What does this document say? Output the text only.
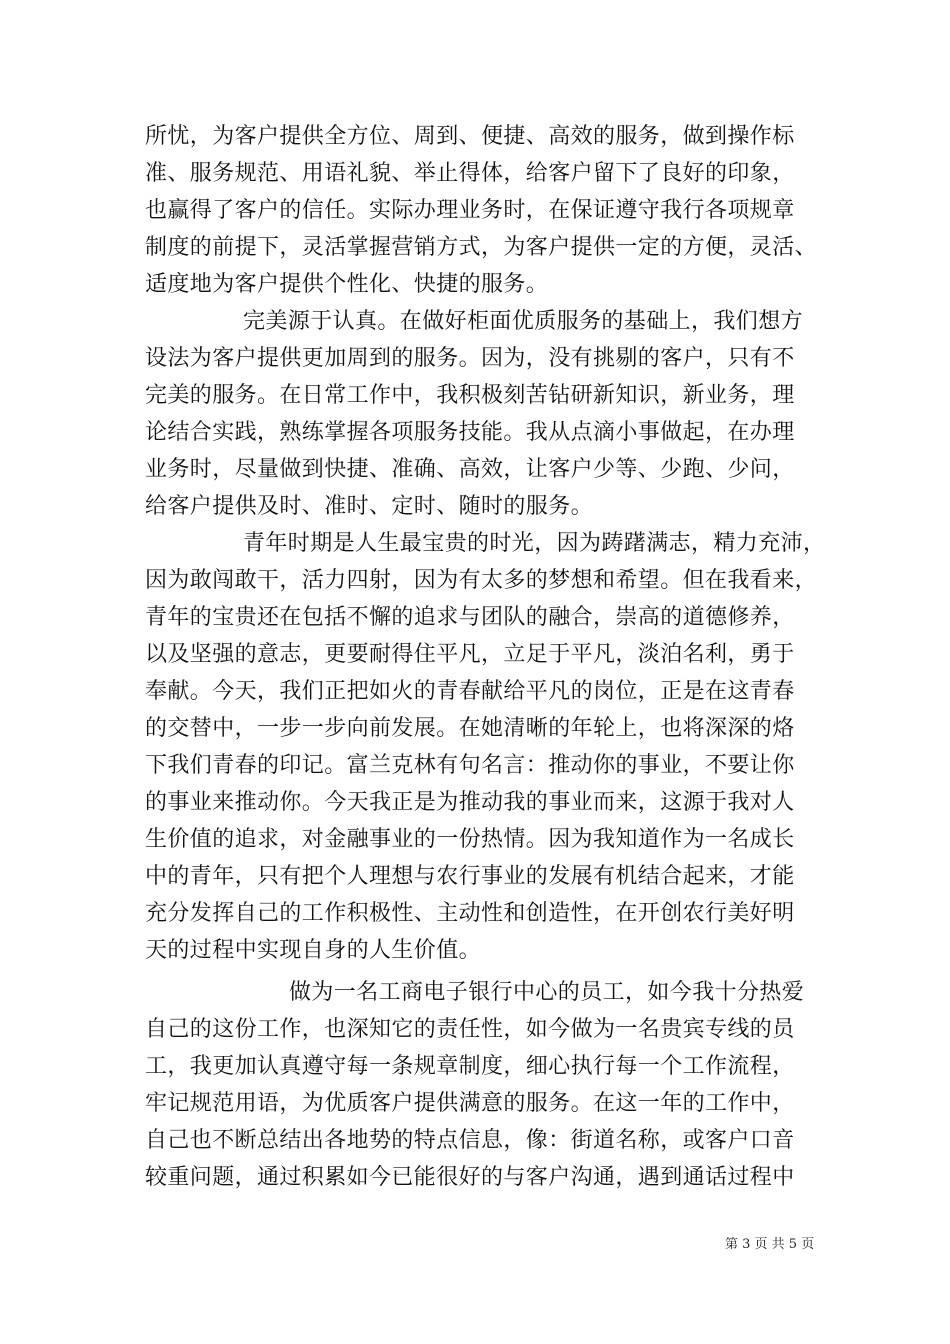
所忧，为客户提供全方位、周到、便捷、高效的服务，做到操作标
准、服务规范、用语礼貌、举止得体，给客户留下了良好的印象，
也赢得了客户的信任。实际办理业务时，在保证遵守我行各项规章
制度的前提下，灵活掌握营销方式，为客户提供一定的方便，灵活、
适度地为客户提供个性化、快捷的服务。
完美源于认真。在做好柜面优质服务的基础上，我们想方
设法为客户提供更加周到的服务。因为，没有挑剔的客户，只有不
完美的服务。在日常工作中，我积极刻苦钻研新知识，新业务，理
论结合实践，熟练掌握各项服务技能。我从点滴小事做起，在办理
业务时，尽量做到快捷、准确、高效，让客户少等、少跑、少问，
给客户提供及时、准时、定时、随时的服务。
青年时期是人生最宝贵的时光，因为踌躇满志，精力充沛，
因为敢闯敢干，活力四射，因为有太多的梦想和希望。但在我看来，
青年的宝贵还在包括不懈的追求与团队的融合，崇高的道德修养，
以及坚强的意志，更要耐得住平凡，立足于平凡，淡泊名利，勇于
奉献。今天，我们正把如火的青春献给平凡的岗位，正是在这青春
的交替中，一步一步向前发展。在她清晰的年轮上，也将深深的烙
下我们青春的印记。富兰克林有句名言：推动你的事业，不要让你
的事业来推动你。今天我正是为推动我的事业而来，这源于我对人
生价值的追求，对金融事业的一份热情。因为我知道作为一名成长
中的青年，只有把个人理想与农行事业的发展有机结合起来，才能
充分发挥自己的工作积极性、主动性和创造性，在开创农行美好明
天的过程中实现自身的人生价值。
做为一名工商电子银行中心的员工，如今我十分热爱
自己的这份工作，也深知它的责任性，如今做为一名贵宾专线的员
工，我更加认真遵守每一条规章制度，细心执行每一个工作流程，
牢记规范用语，为优质客户提供满意的服务。在这一年的工作中，
自己也不断总结出各地势的特点信息，像：街道名称，或客户口音
较重问题，通过积累如今已能很好的与客户沟通，遇到通话过程中
第 3 页 共 5 页
